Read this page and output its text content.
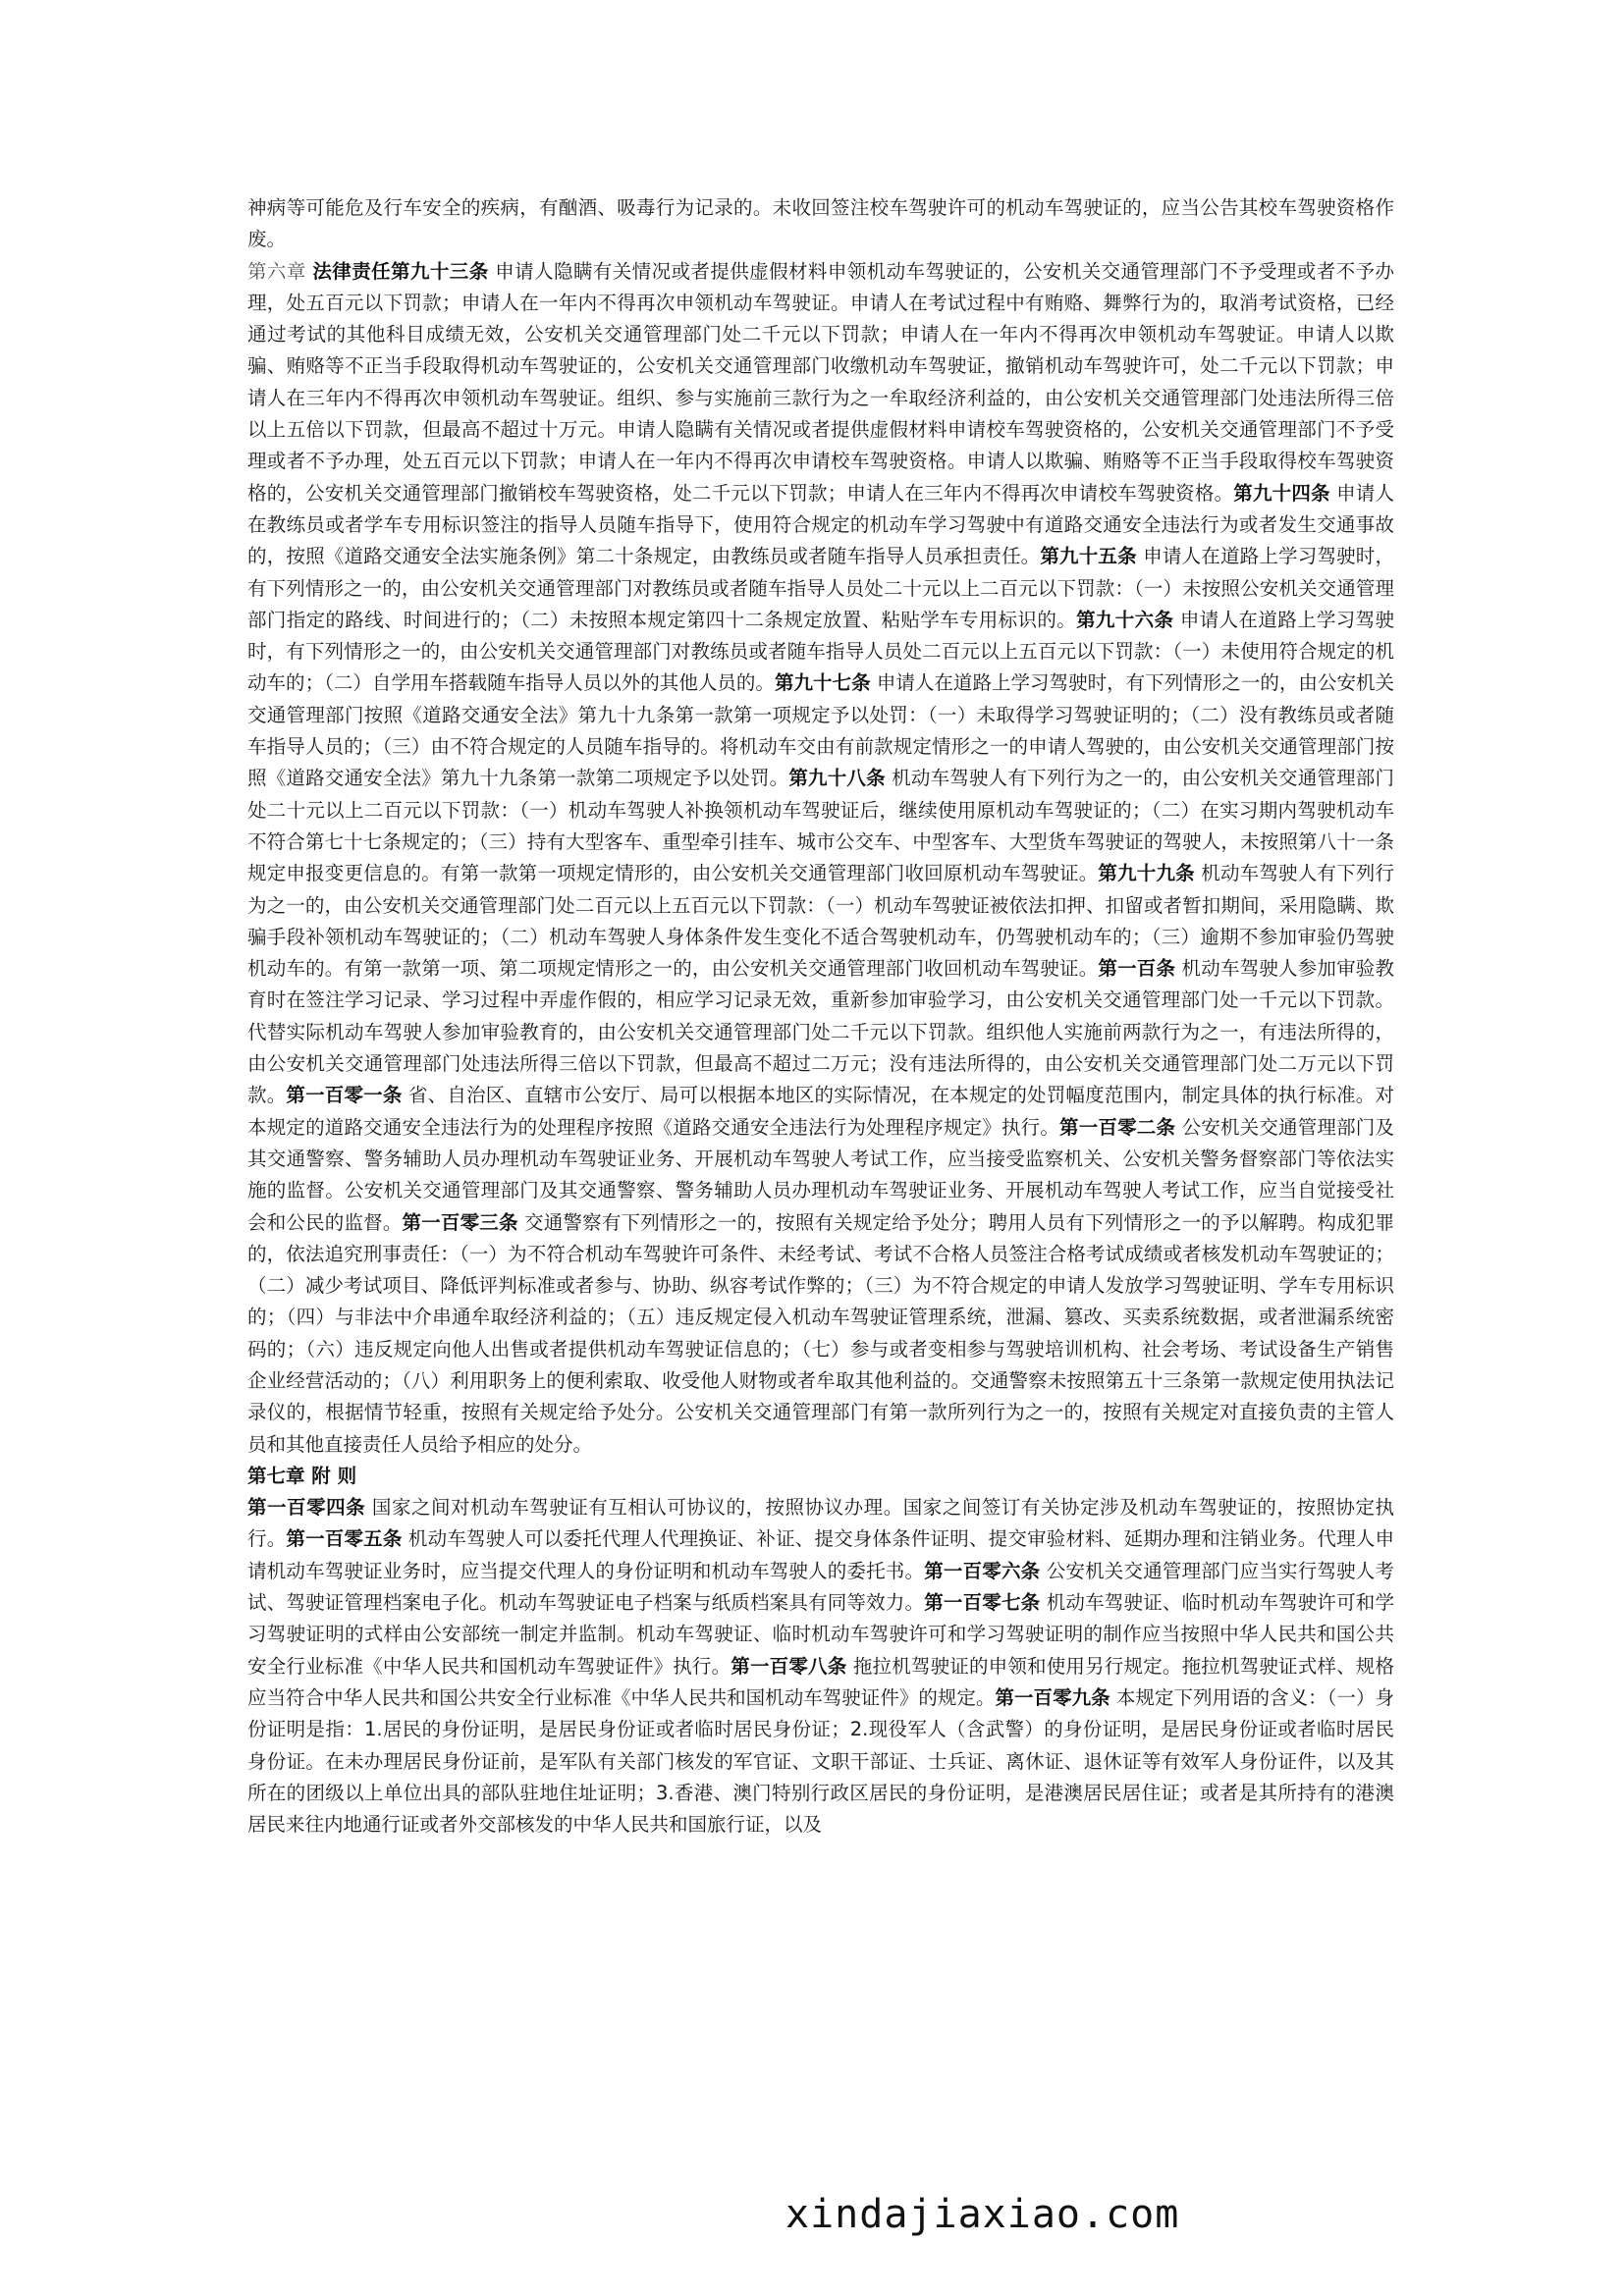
神病等可能危及行车安全的疾病，有酗酒、吸毒行为记录的。未收回签注校车驾驶许可的机动车驾驶证的，应当公告其校车驾驶资格作废。

第六章 法律责任第九十三条 申请人隐瞒有关情况或者提供虚假材料申领机动车驾驶证的，公安机关交通管理部门不予受理或者不予办理，处五百元以下罚款；申请人在一年内不得再次申领机动车驾驶证。申请人在考试过程中有贿赂、舞弊行为的，取消考试资格，已经通过考试的其他科目成绩无效，公安机关交通管理部门处二千元以下罚款；申请人在一年内不得再次申领机动车驾驶证。申请人以欺骗、贿赂等不正当手段取得机动车驾驶证的，公安机关交通管理部门收缴机动车驾驶证，撤销机动车驾驶许可，处二千元以下罚款；申请人在三年内不得再次申领机动车驾驶证。组织、参与实施前三款行为之一牟取经济利益的，由公安机关交通管理部门处违法所得三倍以上五倍以下罚款，但最高不超过十万元。申请人隐瞒有关情况或者提供虚假材料申请校车驾驶资格的，公安机关交通管理部门不予受理或者不予办理，处五百元以下罚款；申请人在一年内不得再次申请校车驾驶资格。申请人以欺骗、贿赂等不正当手段取得校车驾驶资格的，公安机关交通管理部门撤销校车驾驶资格，处二千元以下罚款；申请人在三年内不得再次申请校车驾驶资格。第九十四条 申请人在教练员或者学车专用标识签注的指导人员随车指导下，使用符合规定的机动车学习驾驶中有道路交通安全违法行为或者发生交通事故的，按照《道路交通安全法实施条例》第二十条规定，由教练员或者随车指导人员承担责任。第九十五条 申请人在道路上学习驾驶时，有下列情形之一的，由公安机关交通管理部门对教练员或者随车指导人员处二十元以上二百元以下罚款：（一）未按照公安机关交通管理部门指定的路线、时间进行的；（二）未按照本规定第四十二条规定放置、粘贴学车专用标识的。第九十六条 申请人在道路上学习驾驶时，有下列情形之一的，由公安机关交通管理部门对教练员或者随车指导人员处二百元以上五百元以下罚款：（一）未使用符合规定的机动车的；（二）自学用车搭载随车指导人员以外的其他人员的。第九十七条 申请人在道路上学习驾驶时，有下列情形之一的，由公安机关交通管理部门按照《道路交通安全法》第九十九条第一款第一项规定予以处罚：（一）未取得学习驾驶证明的；（二）没有教练员或者随车指导人员的；（三）由不符合规定的人员随车指导的。将机动车交由有前款规定情形之一的申请人驾驶的，由公安机关交通管理部门按照《道路交通安全法》第九十九条第一款第二项规定予以处罚。第九十八条 机动车驾驶人有下列行为之一的，由公安机关交通管理部门处二十元以上二百元以下罚款：（一）机动车驾驶人补换领机动车驾驶证后，继续使用原机动车驾驶证的；（二）在实习期内驾驶机动车不符合第七十七条规定的；（三）持有大型客车、重型牵引挂车、城市公交车、中型客车、大型货车驾驶证的驾驶人，未按照第八十一条规定申报变更信息的。有第一款第一项规定情形的，由公安机关交通管理部门收回原机动车驾驶证。第九十九条 机动车驾驶人有下列行为之一的，由公安机关交通管理部门处二百元以上五百元以下罚款：（一）机动车驾驶证被依法扣押、扣留或者暂扣期间，采用隐瞒、欺骗手段补领机动车驾驶证的；（二）机动车驾驶人身体条件发生变化不适合驾驶机动车，仍驾驶机动车的；（三）逾期不参加审验仍驾驶机动车的。有第一款第一项、第二项规定情形之一的，由公安机关交通管理部门收回机动车驾驶证。第一百条 机动车驾驶人参加审验教育时在签注学习记录、学习过程中弄虚作假的，相应学习记录无效，重新参加审验学习，由公安机关交通管理部门处一千元以下罚款。代替实际机动车驾驶人参加审验教育的，由公安机关交通管理部门处二千元以下罚款。组织他人实施前两款行为之一，有违法所得的，由公安机关交通管理部门处违法所得三倍以下罚款，但最高不超过二万元；没有违法所得的，由公安机关交通管理部门处二万元以下罚款。第一百零一条 省、自治区、直辖市公安厅、局可以根据本地区的实际情况，在本规定的处罚幅度范围内，制定具体的执行标准。对本规定的道路交通安全违法行为的处理程序按照《道路交通安全违法行为处理程序规定》执行。第一百零二条 公安机关交通管理部门及其交通警察、警务辅助人员办理机动车驾驶证业务、开展机动车驾驶人考试工作，应当接受监察机关、公安机关警务督察部门等依法实施的监督。公安机关交通管理部门及其交通警察、警务辅助人员办理机动车驾驶证业务、开展机动车驾驶人考试工作，应当自觉接受社会和公民的监督。第一百零三条 交通警察有下列情形之一的，按照有关规定给予处分；聘用人员有下列情形之一的予以解聘。构成犯罪的，依法追究刑事责任：（一）为不符合机动车驾驶许可条件、未经考试、考试不合格人员签注合格考试成绩或者核发机动车驾驶证的；（二）减少考试项目、降低评判标准或者参与、协助、纵容考试作弊的；（三）为不符合规定的申请人发放学习驾驶证明、学车专用标识的；（四）与非法中介串通牟取经济利益的；（五）违反规定侵入机动车驾驶证管理系统，泄漏、篡改、买卖系统数据，或者泄漏系统密码的；（六）违反规定向他人出售或者提供机动车驾驶证信息的；（七）参与或者变相参与驾驶培训机构、社会考场、考试设备生产销售企业经营活动的；（八）利用职务上的便利索取、收受他人财物或者牟取其他利益的。交通警察未按照第五十三条第一款规定使用执法记录仪的，根据情节轻重，按照有关规定给予处分。公安机关交通管理部门有第一款所列行为之一的，按照有关规定对直接负责的主管人员和其他直接责任人员给予相应的处分。

第七章 附 则

第一百零四条 国家之间对机动车驾驶证有互相认可协议的，按照协议办理。国家之间签订有关协定涉及机动车驾驶证的，按照协定执行。第一百零五条 机动车驾驶人可以委托代理人代理换证、补证、提交身体条件证明、提交审验材料、延期办理和注销业务。代理人申请机动车驾驶证业务时，应当提交代理人的身份证明和机动车驾驶人的委托书。第一百零六条 公安机关交通管理部门应当实行驾驶人考试、驾驶证管理档案电子化。机动车驾驶证电子档案与纸质档案具有同等效力。第一百零七条 机动车驾驶证、临时机动车驾驶许可和学习驾驶证明的式样由公安部统一制定并监制。机动车驾驶证、临时机动车驾驶许可和学习驾驶证明的制作应当按照中华人民共和国公共安全行业标准《中华人民共和国机动车驾驶证件》执行。第一百零八条 拖拉机驾驶证的申领和使用另行规定。拖拉机驾驶证式样、规格应当符合中华人民共和国公共安全行业标准《中华人民共和国机动车驾驶证件》的规定。第一百零九条 本规定下列用语的含义：（一）身份证明是指：1.居民的身份证明，是居民身份证或者临时居民身份证；2.现役军人（含武警）的身份证明，是居民身份证或者临时居民身份证。在未办理居民身份证前，是军队有关部门核发的军官证、文职干部证、士兵证、离休证、退休证等有效军人身份证件，以及其所在的团级以上单位出具的部队驻地住址证明；3.香港、澳门特别行政区居民的身份证明，是港澳居民居住证；或者是其所持有的港澳居民来往内地通行证或者外交部核发的中华人民共和国旅行证，以及

xindajiaxiao.com
